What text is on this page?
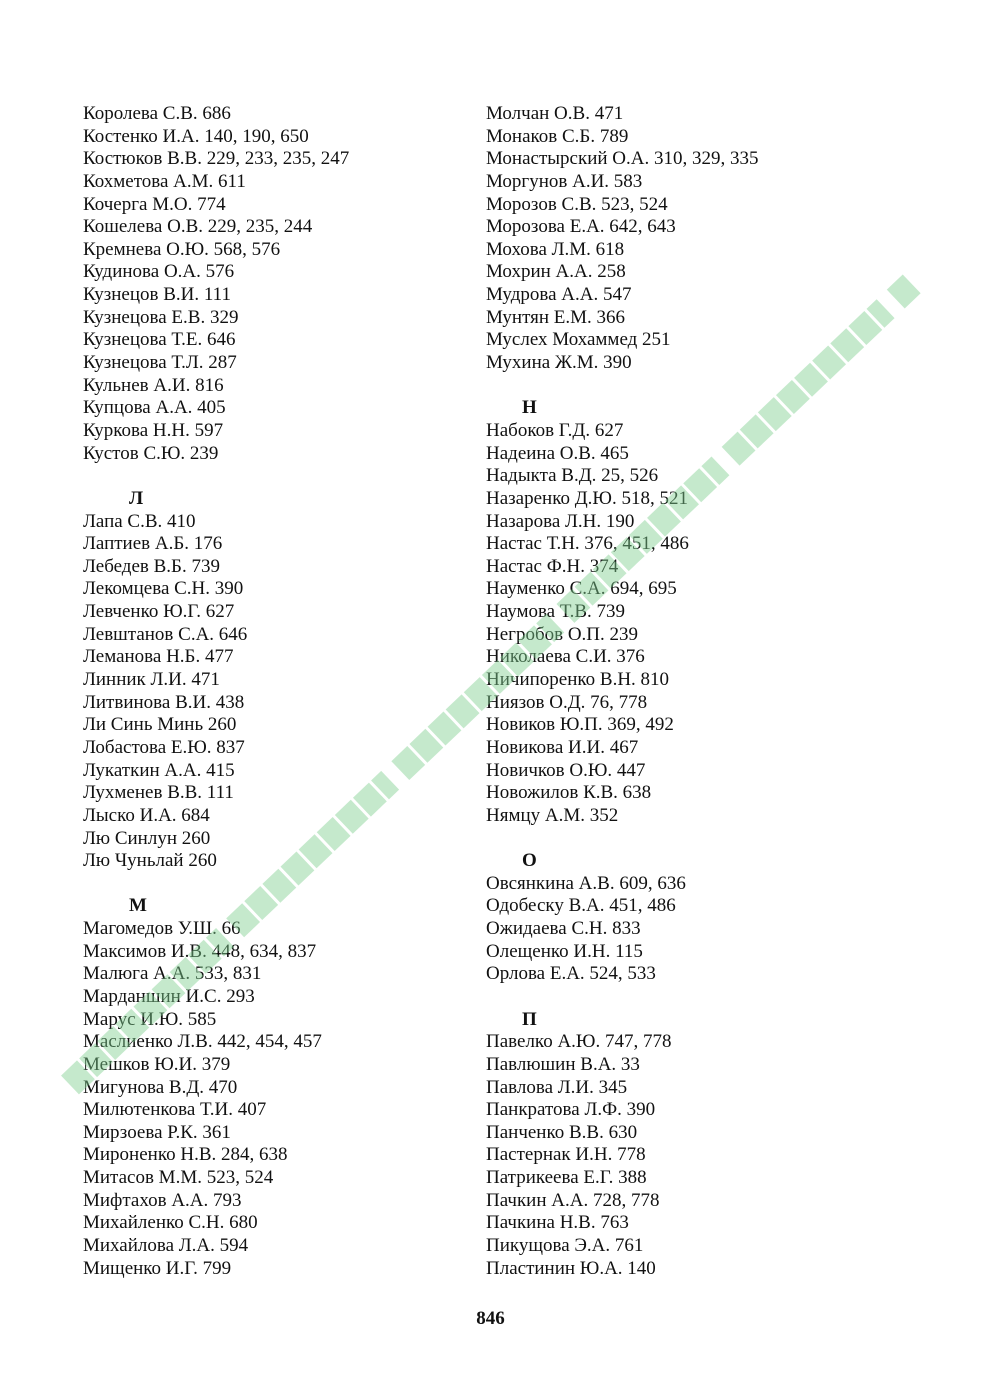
Королева С.В. 686
Костенко И.А. 140, 190, 650
Костюков В.В. 229, 233, 235, 247
Кохметова А.М. 611
Кочерга М.О. 774
Кошелева О.В. 229, 235, 244
Кремнева О.Ю. 568, 576
Кудинова О.А. 576
Кузнецов В.И. 111
Кузнецова Е.В. 329
Кузнецова Т.Е. 646
Кузнецова Т.Л. 287
Кульнев А.И. 816
Купцова А.А. 405
Куркова Н.Н. 597
Кустов С.Ю. 239
Л
Лапа С.В. 410
Лаптиев А.Б. 176
Лебедев В.Б. 739
Лекомцева С.Н. 390
Левченко Ю.Г. 627
Левштанов С.А. 646
Леманова Н.Б. 477
Линник Л.И. 471
Литвинова В.И. 438
Ли Синь Минь 260
Лобастова Е.Ю. 837
Лукаткин А.А. 415
Лухменев В.В. 111
Лыско И.А. 684
Лю Синлун 260
Лю Чуньлай 260
М
Магомедов У.Ш. 66
Максимов И.В. 448, 634, 837
Малюга А.А. 533, 831
Марданшин И.С. 293
Марус И.Ю. 585
Маслиенко Л.В. 442, 454, 457
Мешков Ю.И. 379
Мигунова В.Д. 470
Милютенкова Т.И. 407
Мирзоева Р.К. 361
Мироненко Н.В. 284, 638
Митасов М.М. 523, 524
Мифтахов А.А. 793
Михайленко С.Н. 680
Михайлова Л.А. 594
Мищенко И.Г. 799
Молчан О.В. 471
Монаков С.Б. 789
Монастырский О.А. 310, 329, 335
Моргунов А.И. 583
Морозов С.В. 523, 524
Морозова Е.А. 642, 643
Мохова Л.М. 618
Мохрин А.А. 258
Мудрова А.А. 547
Мунтян Е.М. 366
Муслех Мохаммед 251
Мухина Ж.М. 390
Н
Набоков Г.Д. 627
Надеина О.В. 465
Надыкта В.Д. 25, 526
Назаренко Д.Ю. 518, 521
Назарова Л.Н. 190
Настас Т.Н. 376, 451, 486
Настас Ф.Н. 374
Науменко С.А. 694, 695
Наумова Т.В. 739
Негробов О.П. 239
Николаева С.И. 376
Ничипоренко В.Н. 810
Ниязов О.Д. 76, 778
Новиков Ю.П. 369, 492
Новикова И.И. 467
Новичков О.Ю. 447
Новожилов К.В. 638
Нямцу А.М. 352
О
Овсянкина А.В. 609, 636
Одобеску В.А. 451, 486
Ожидаева С.Н. 833
Олещенко И.Н. 115
Орлова Е.А. 524, 533
П
Павелко А.Ю. 747, 778
Павлюшин В.А. 33
Павлова Л.И. 345
Панкратова Л.Ф. 390
Панченко В.В. 630
Пастернак И.Н. 778
Патрикеева Е.Г. 388
Пачкин А.А. 728, 778
Пачкина Н.В. 763
Пикущова Э.А. 761
Пластинин Ю.А. 140
846
